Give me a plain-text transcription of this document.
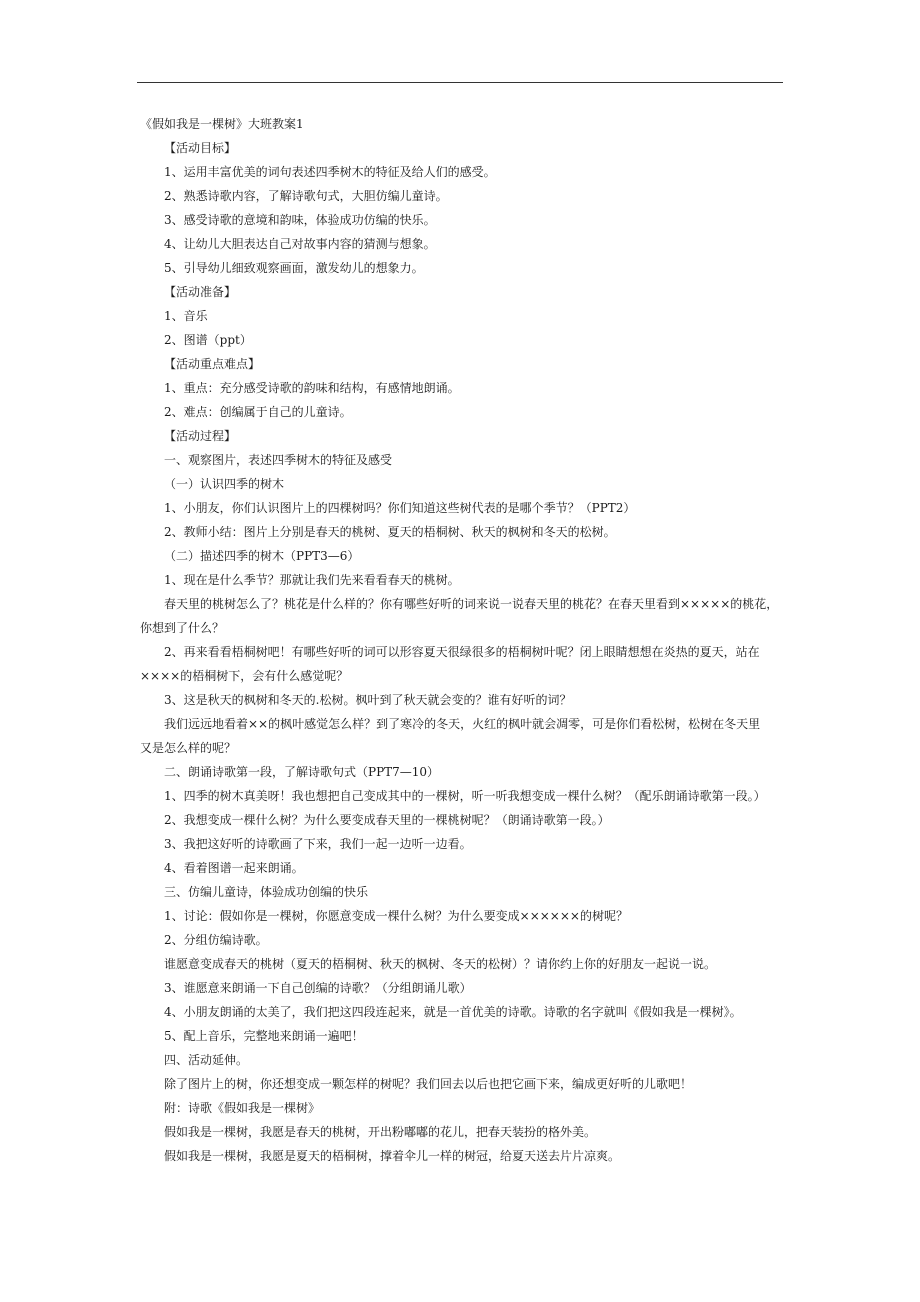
《假如我是一棵树》大班教案1
【活动目标】
1、运用丰富优美的词句表述四季树木的特征及给人们的感受。
2、熟悉诗歌内容，了解诗歌句式，大胆仿编儿童诗。
3、感受诗歌的意境和韵味，体验成功仿编的快乐。
4、让幼儿大胆表达自己对故事内容的猜测与想象。
5、引导幼儿细致观察画面，激发幼儿的想象力。
【活动准备】
1、音乐
2、图谱（ppt）
【活动重点难点】
1、重点：充分感受诗歌的韵味和结构，有感情地朗诵。
2、难点：创编属于自己的儿童诗。
【活动过程】
一、观察图片，表述四季树木的特征及感受
（一）认识四季的树木
1、小朋友，你们认识图片上的四棵树吗？你们知道这些树代表的是哪个季节？（PPT2）
2、教师小结：图片上分别是春天的桃树、夏天的梧桐树、秋天的枫树和冬天的松树。
（二）描述四季的树木（PPT3—6）
1、现在是什么季节？那就让我们先来看看春天的桃树。
春天里的桃树怎么了？桃花是什么样的？你有哪些好听的词来说一说春天里的桃花？在春天里看到×××××的桃花，
你想到了什么？
2、再来看看梧桐树吧！有哪些好听的词可以形容夏天很绿很多的梧桐树叶呢？闭上眼睛想想在炎热的夏天，站在
××××的梧桐树下，会有什么感觉呢？
3、这是秋天的枫树和冬天的.松树。枫叶到了秋天就会变的？谁有好听的词？
我们远远地看着××的枫叶感觉怎么样？到了寒冷的冬天，火红的枫叶就会凋零，可是你们看松树，松树在冬天里
又是怎么样的呢？
二、朗诵诗歌第一段，了解诗歌句式（PPT7—10）
1、四季的树木真美呀！我也想把自己变成其中的一棵树，听一听我想变成一棵什么树？（配乐朗诵诗歌第一段。）
2、我想变成一棵什么树？为什么要变成春天里的一棵桃树呢？（朗诵诗歌第一段。）
3、我把这好听的诗歌画了下来，我们一起一边听一边看。
4、看着图谱一起来朗诵。
三、仿编儿童诗，体验成功创编的快乐
1、讨论：假如你是一棵树，你愿意变成一棵什么树？为什么要变成××××××的树呢？
2、分组仿编诗歌。
谁愿意变成春天的桃树（夏天的梧桐树、秋天的枫树、冬天的松树）？请你约上你的好朋友一起说一说。
3、谁愿意来朗诵一下自己创编的诗歌？（分组朗诵儿歌）
4、小朋友朗诵的太美了，我们把这四段连起来，就是一首优美的诗歌。诗歌的名字就叫《假如我是一棵树》。
5、配上音乐，完整地来朗诵一遍吧！
四、活动延伸。
除了图片上的树，你还想变成一颗怎样的树呢？我们回去以后也把它画下来，编成更好听的儿歌吧！
附：诗歌《假如我是一棵树》
假如我是一棵树，我愿是春天的桃树，开出粉嘟嘟的花儿，把春天装扮的格外美。
假如我是一棵树，我愿是夏天的梧桐树，撑着伞儿一样的树冠，给夏天送去片片凉爽。
